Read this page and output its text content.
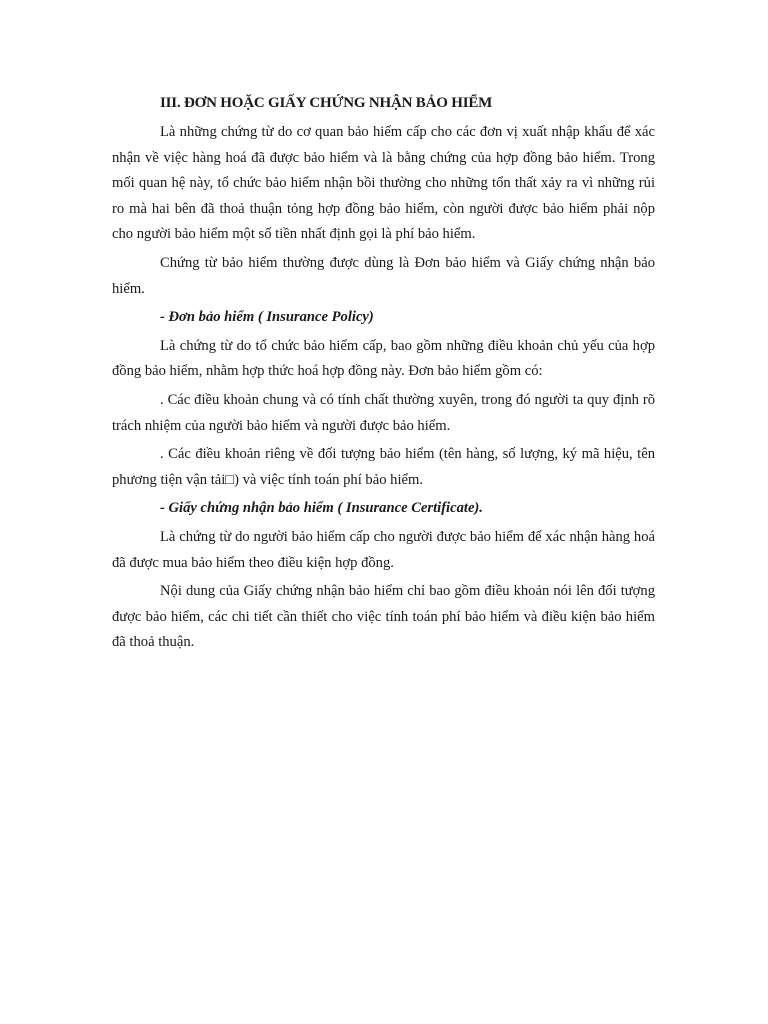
III. ĐƠN HOẶC GIẤY CHỨNG NHẬN BẢO HIỂM

Là những chứng từ do cơ quan bảo hiểm cấp cho các đơn vị xuất nhập khẩu để xác nhận về việc hàng hoá đã được bảo hiểm và là bằng chứng của hợp đồng bảo hiểm. Trong mối quan hệ này, tổ chức bảo hiểm nhận bồi thường cho những tổn thất xảy ra vì những rủi ro mà hai bên đã thoả thuận tỏng hợp đồng bảo hiểm, còn người được bảo hiểm phải nộp cho người bảo hiểm một số tiền nhất định gọi là phí bảo hiểm.

Chứng từ bảo hiểm thường được dùng là Đơn bảo hiểm và Giấy chứng nhận bảo hiểm.

- Đơn bảo hiểm ( Insurance Policy)

Là chứng từ do tổ chức bảo hiểm cấp, bao gồm những điều khoản chủ yếu của hợp đồng bảo hiểm, nhằm hợp thức hoá hợp đồng này. Đơn bảo hiểm gồm có:

. Các điều khoản chung và có tính chất thường xuyên, trong đó người ta quy định rõ trách nhiệm của người bảo hiểm và người được bảo hiểm.

. Các điều khoản riêng về đối tượng bảo hiểm (tên hàng, số lượng, ký mã hiệu, tên phương tiện vận tải□) và việc tính toán phí bảo hiểm.

- Giấy chứng nhận bảo hiểm ( Insurance Certificate).

Là chứng từ do người bảo hiểm cấp cho người được bảo hiểm để xác nhận hàng hoá đã được mua bảo hiểm theo điều kiện hợp đồng.

Nội dung của Giấy chứng nhận bảo hiểm chỉ bao gồm điều khoản nói lên đối tượng được bảo hiểm, các chi tiết cần thiết cho việc tính toán phí bảo hiểm và điều kiện bảo hiểm đã thoả thuận.
